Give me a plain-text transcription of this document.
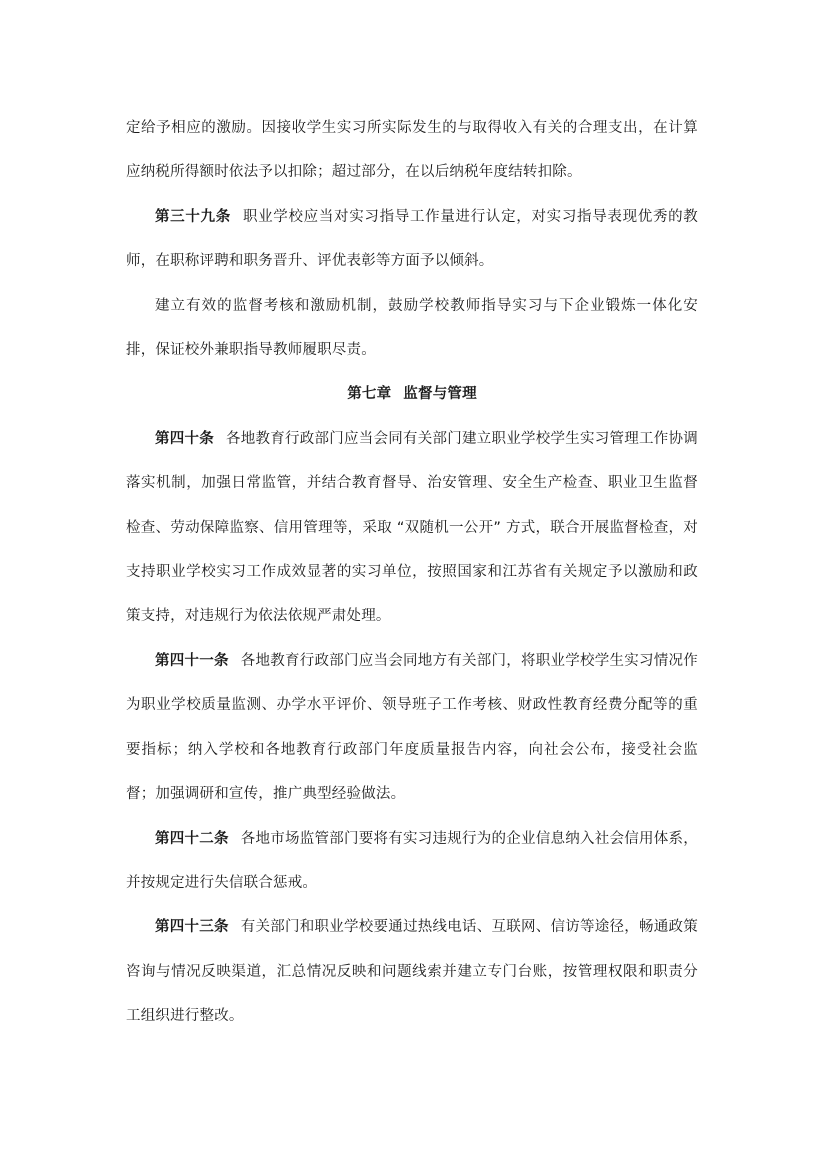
定给予相应的激励。因接收学生实习所实际发生的与取得收入有关的合理支出，在计算应纳税所得额时依法予以扣除；超过部分，在以后纳税年度结转扣除。

第三十九条 职业学校应当对实习指导工作量进行认定，对实习指导表现优秀的教师，在职称评聘和职务晋升、评优表彰等方面予以倾斜。

建立有效的监督考核和激励机制，鼓励学校教师指导实习与下企业锻炼一体化安排，保证校外兼职指导教师履职尽责。

第七章 监督与管理

第四十条 各地教育行政部门应当会同有关部门建立职业学校学生实习管理工作协调落实机制，加强日常监管，并结合教育督导、治安管理、安全生产检查、职业卫生监督检查、劳动保障监察、信用管理等，采取 “双随机一公开” 方式，联合开展监督检查，对支持职业学校实习工作成效显著的实习单位，按照国家和江苏省有关规定予以激励和政策支持，对违规行为依法依规严肃处理。

第四十一条 各地教育行政部门应当会同地方有关部门，将职业学校学生实习情况作为职业学校质量监测、办学水平评价、领导班子工作考核、财政性教育经费分配等的重要指标；纳入学校和各地教育行政部门年度质量报告内容，向社会公布，接受社会监督；加强调研和宣传，推广典型经验做法。

第四十二条 各地市场监管部门要将有实习违规行为的企业信息纳入社会信用体系，并按规定进行失信联合惩戒。

第四十三条 有关部门和职业学校要通过热线电话、互联网、信访等途径，畅通政策咨询与情况反映渠道，汇总情况反映和问题线索并建立专门台账，按管理权限和职责分工组织进行整改。
